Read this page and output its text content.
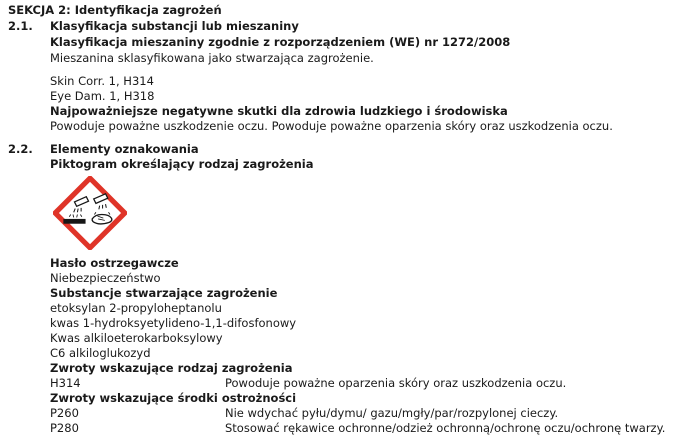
SEKCJA 2: Identyfikacja zagrożeń
2.1.	Klasyfikacja substancji lub mieszaniny
Klasyfikacja mieszaniny zgodnie z rozporządzeniem (WE) nr 1272/2008
Mieszanina sklasyfikowana jako stwarzająca zagrożenie.
Skin Corr. 1, H314
Eye Dam. 1, H318
Najpoważniejsze negatywne skutki dla zdrowia ludzkiego i środowiska
Powoduje poważne uszkodzenie oczu. Powoduje poważne oparzenia skóry oraz uszkodzenia oczu.
2.2.	Elementy oznakowania
Piktogram określający rodzaj zagrożenia
Hasło ostrzegawcze
Niebezpieczeństwo
Substancje stwarzające zagrożenie
etoksylan 2-propyloheptanolu
kwas 1-hydroksyetylideno-1,1-difosfonowy
Kwas alkiloeterokarboksylowy
C6 alkiloglukozyd
Zwroty wskazujące rodzaj zagrożenia
H314	Powoduje poważne oparzenia skóry oraz uszkodzenia oczu.
Zwroty wskazujące środki ostrożności
P260	Nie wdychać pyłu/dymu/ gazu/mgły/par/rozpylonej cieczy.
P280	Stosować rękawice ochronne/odzież ochronną/ochronę oczu/ochronę twarzy.
